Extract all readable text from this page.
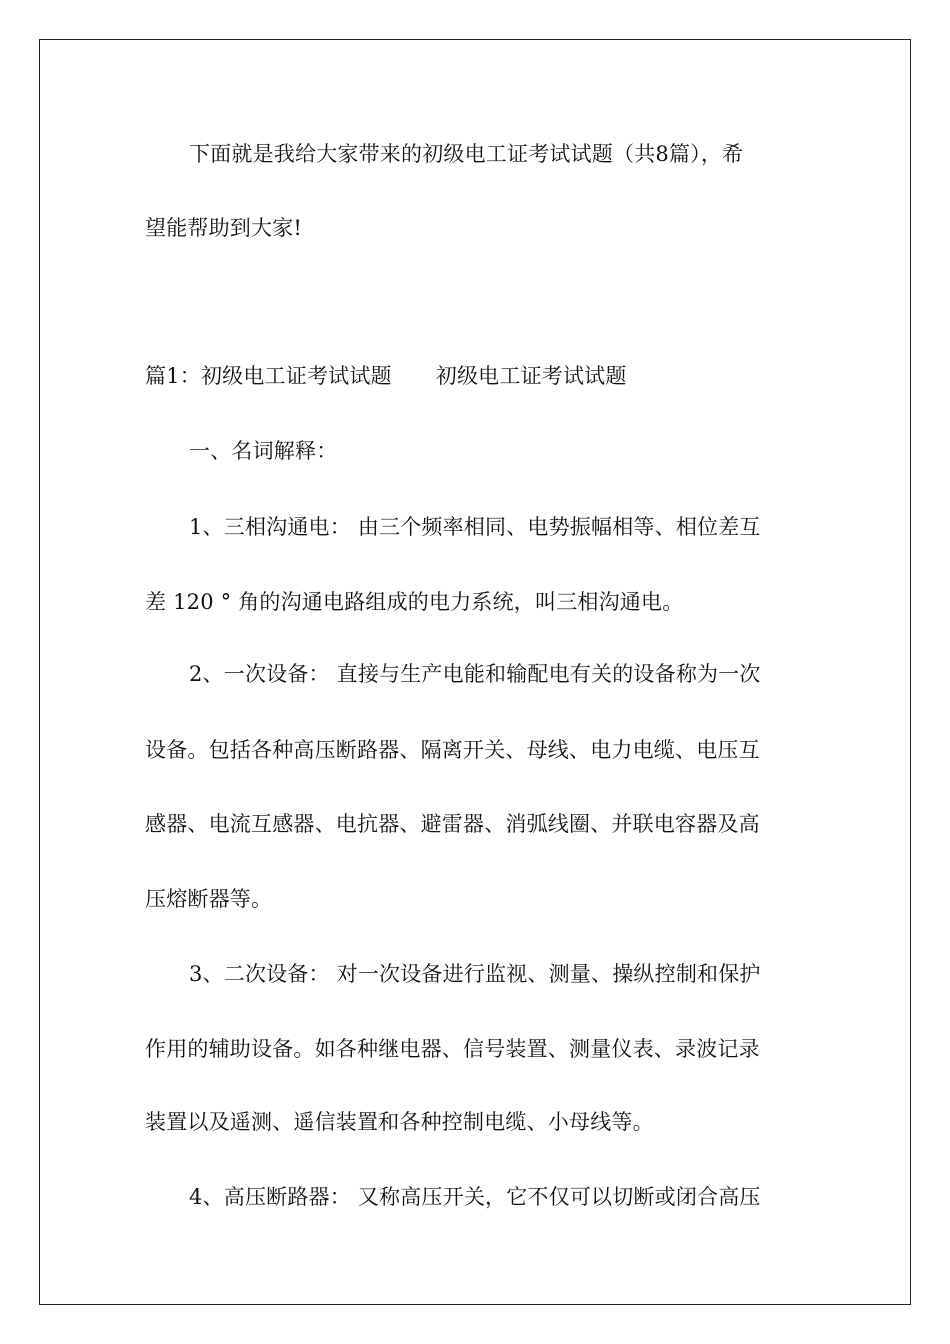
下面就是我给大家带来的初级电工证考试试题（共8篇），希
望能帮助到大家!
篇1：初级电工证考试试题 初级电工证考试试题
一、名词解释：
1、三相沟通电： 由三个频率相同、电势振幅相等、相位差互
差 120 ° 角的沟通电路组成的电力系统，叫三相沟通电。
2、一次设备： 直接与生产电能和输配电有关的设备称为一次
设备。包括各种高压断路器、隔离开关、母线、电力电缆、电压互
感器、电流互感器、电抗器、避雷器、消弧线圈、并联电容器及高
压熔断器等。
3、二次设备： 对一次设备进行监视、测量、操纵控制和保护
作用的辅助设备。如各种继电器、信号装置、测量仪表、录波记录
装置以及遥测、遥信装置和各种控制电缆、小母线等。
4、高压断路器： 又称高压开关，它不仅可以切断或闭合高压
